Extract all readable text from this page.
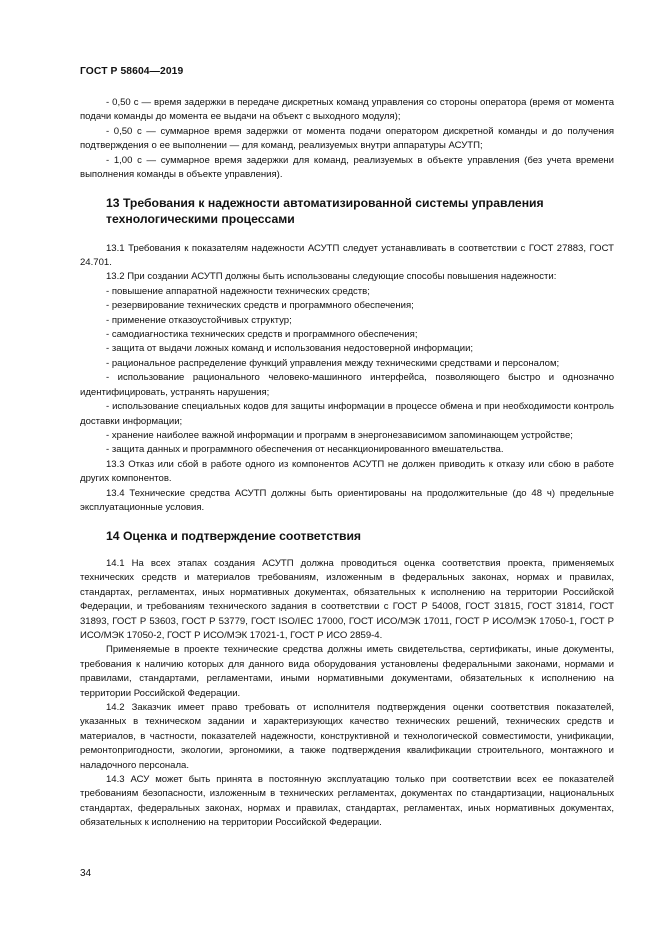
ГОСТ Р 58604—2019

- 0,50 с — время задержки в передаче дискретных команд управления со стороны оператора (время от момента подачи команды до момента ее выдачи на объект с выходного модуля);

- 0,50 с — суммарное время задержки от момента подачи оператором дискретной команды и до получения подтверждения о ее выполнении — для команд, реализуемых внутри аппаратуры АСУТП;

- 1,00 с — суммарное время задержки для команд, реализуемых в объекте управления (без учета времени выполнения команды в объекте управления).

13 Требования к надежности автоматизированной системы управления технологическими процессами

13.1 Требования к показателям надежности АСУТП следует устанавливать в соответствии с ГОСТ 27883, ГОСТ 24.701.

13.2 При создании АСУТП должны быть использованы следующие способы повышения надежности:

- повышение аппаратной надежности технических средств;

- резервирование технических средств и программного обеспечения;

- применение отказоустойчивых структур;

- самодиагностика технических средств и программного обеспечения;

- защита от выдачи ложных команд и использования недостоверной информации;

- рациональное распределение функций управления между техническими средствами и персоналом;

- использование рационального человеко-машинного интерфейса, позволяющего быстро и однозначно идентифицировать, устранять нарушения;

- использование специальных кодов для защиты информации в процессе обмена и при необходимости контроль доставки информации;

- хранение наиболее важной информации и программ в энергонезависимом запоминающем устройстве;

- защита данных и программного обеспечения от несанкционированного вмешательства.

13.3 Отказ или сбой в работе одного из компонентов АСУТП не должен приводить к отказу или сбою в работе других компонентов.

13.4 Технические средства АСУТП должны быть ориентированы на продолжительные (до 48 ч) предельные эксплуатационные условия.

14 Оценка и подтверждение соответствия

14.1 На всех этапах создания АСУТП должна проводиться оценка соответствия проекта, применяемых технических средств и материалов требованиям, изложенным в федеральных законах, нормах и правилах, стандартах, регламентах, иных нормативных документах, обязательных к исполнению на территории Российской Федерации, и требованиям технического задания в соответствии с ГОСТ Р 54008, ГОСТ 31815, ГОСТ 31814, ГОСТ 31893, ГОСТ Р 53603, ГОСТ Р 53779, ГОСТ ISO/IEC 17000, ГОСТ ИСО/МЭК 17011, ГОСТ Р ИСО/МЭК 17050-1, ГОСТ Р ИСО/МЭК 17050-2, ГОСТ Р ИСО/МЭК 17021-1, ГОСТ Р ИСО 2859-4.

Применяемые в проекте технические средства должны иметь свидетельства, сертификаты, иные документы, требования к наличию которых для данного вида оборудования установлены федеральными законами, нормами и правилами, стандартами, регламентами, иными нормативными документами, обязательных к исполнению на территории Российской Федерации.

14.2 Заказчик имеет право требовать от исполнителя подтверждения оценки соответствия показателей, указанных в техническом задании и характеризующих качество технических решений, технических средств и материалов, в частности, показателей надежности, конструктивной и технологической совместимости, унификации, ремонтопригодности, экологии, эргономики, а также подтверждения квалификации строительного, монтажного и наладочного персонала.

14.3 АСУ может быть принята в постоянную эксплуатацию только при соответствии всех ее показателей требованиям безопасности, изложенным в технических регламентах, документах по стандартизации, национальных стандартах, федеральных законах, нормах и правилах, стандартах, регламентах, иных нормативных документах, обязательных к исполнению на территории Российской Федерации.

34
